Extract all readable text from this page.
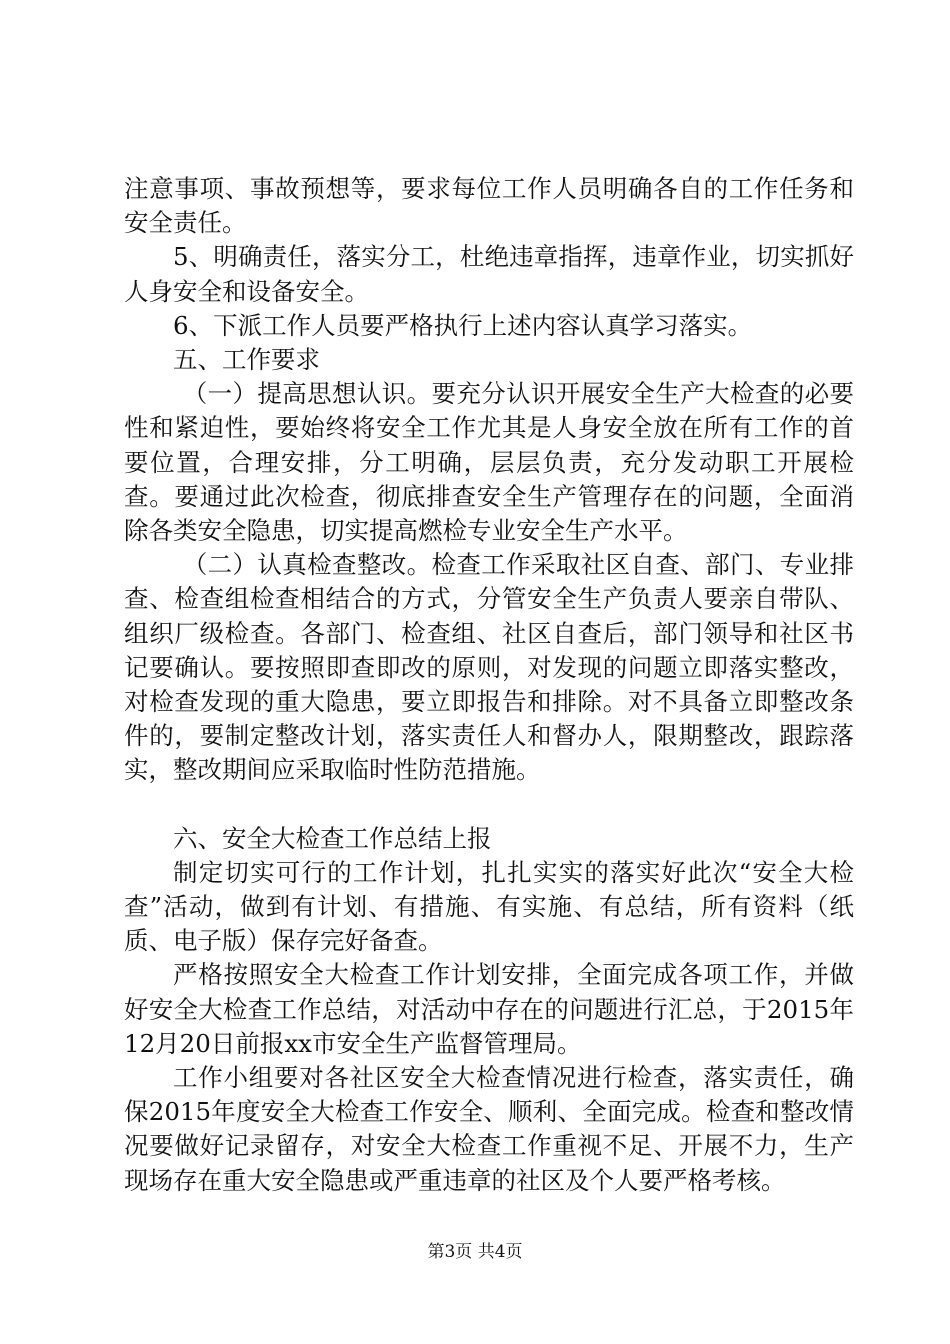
注意事项、事故预想等，要求每位工作人员明确各自的工作任务和安全责任。

5、明确责任，落实分工，杜绝违章指挥，违章作业，切实抓好人身安全和设备安全。

6、下派工作人员要严格执行上述内容认真学习落实。

五、工作要求

（一）提高思想认识。要充分认识开展安全生产大检查的必要性和紧迫性，要始终将安全工作尤其是人身安全放在所有工作的首要位置，合理安排，分工明确，层层负责，充分发动职工开展检查。要通过此次检查，彻底排查安全生产管理存在的问题，全面消除各类安全隐患，切实提高燃检专业安全生产水平。

（二）认真检查整改。检查工作采取社区自查、部门、专业排查、检查组检查相结合的方式，分管安全生产负责人要亲自带队、组织厂级检查。各部门、检查组、社区自查后，部门领导和社区书记要确认。要按照即查即改的原则，对发现的问题立即落实整改，对检查发现的重大隐患，要立即报告和排除。对不具备立即整改条件的，要制定整改计划，落实责任人和督办人，限期整改，跟踪落实，整改期间应采取临时性防范措施。

六、安全大检查工作总结上报

制定切实可行的工作计划，扎扎实实的落实好此次“安全大检查”活动，做到有计划、有措施、有实施、有总结，所有资料（纸质、电子版）保存完好备查。

严格按照安全大检查工作计划安排，全面完成各项工作，并做好安全大检查工作总结，对活动中存在的问题进行汇总，于2015年12月20日前报xx市安全生产监督管理局。

工作小组要对各社区安全大检查情况进行检查，落实责任，确保2015年度安全大检查工作安全、顺利、全面完成。检查和整改情况要做好记录留存，对安全大检查工作重视不足、开展不力，生产现场存在重大安全隐患或严重违章的社区及个人要严格考核。

第3页 共4页
